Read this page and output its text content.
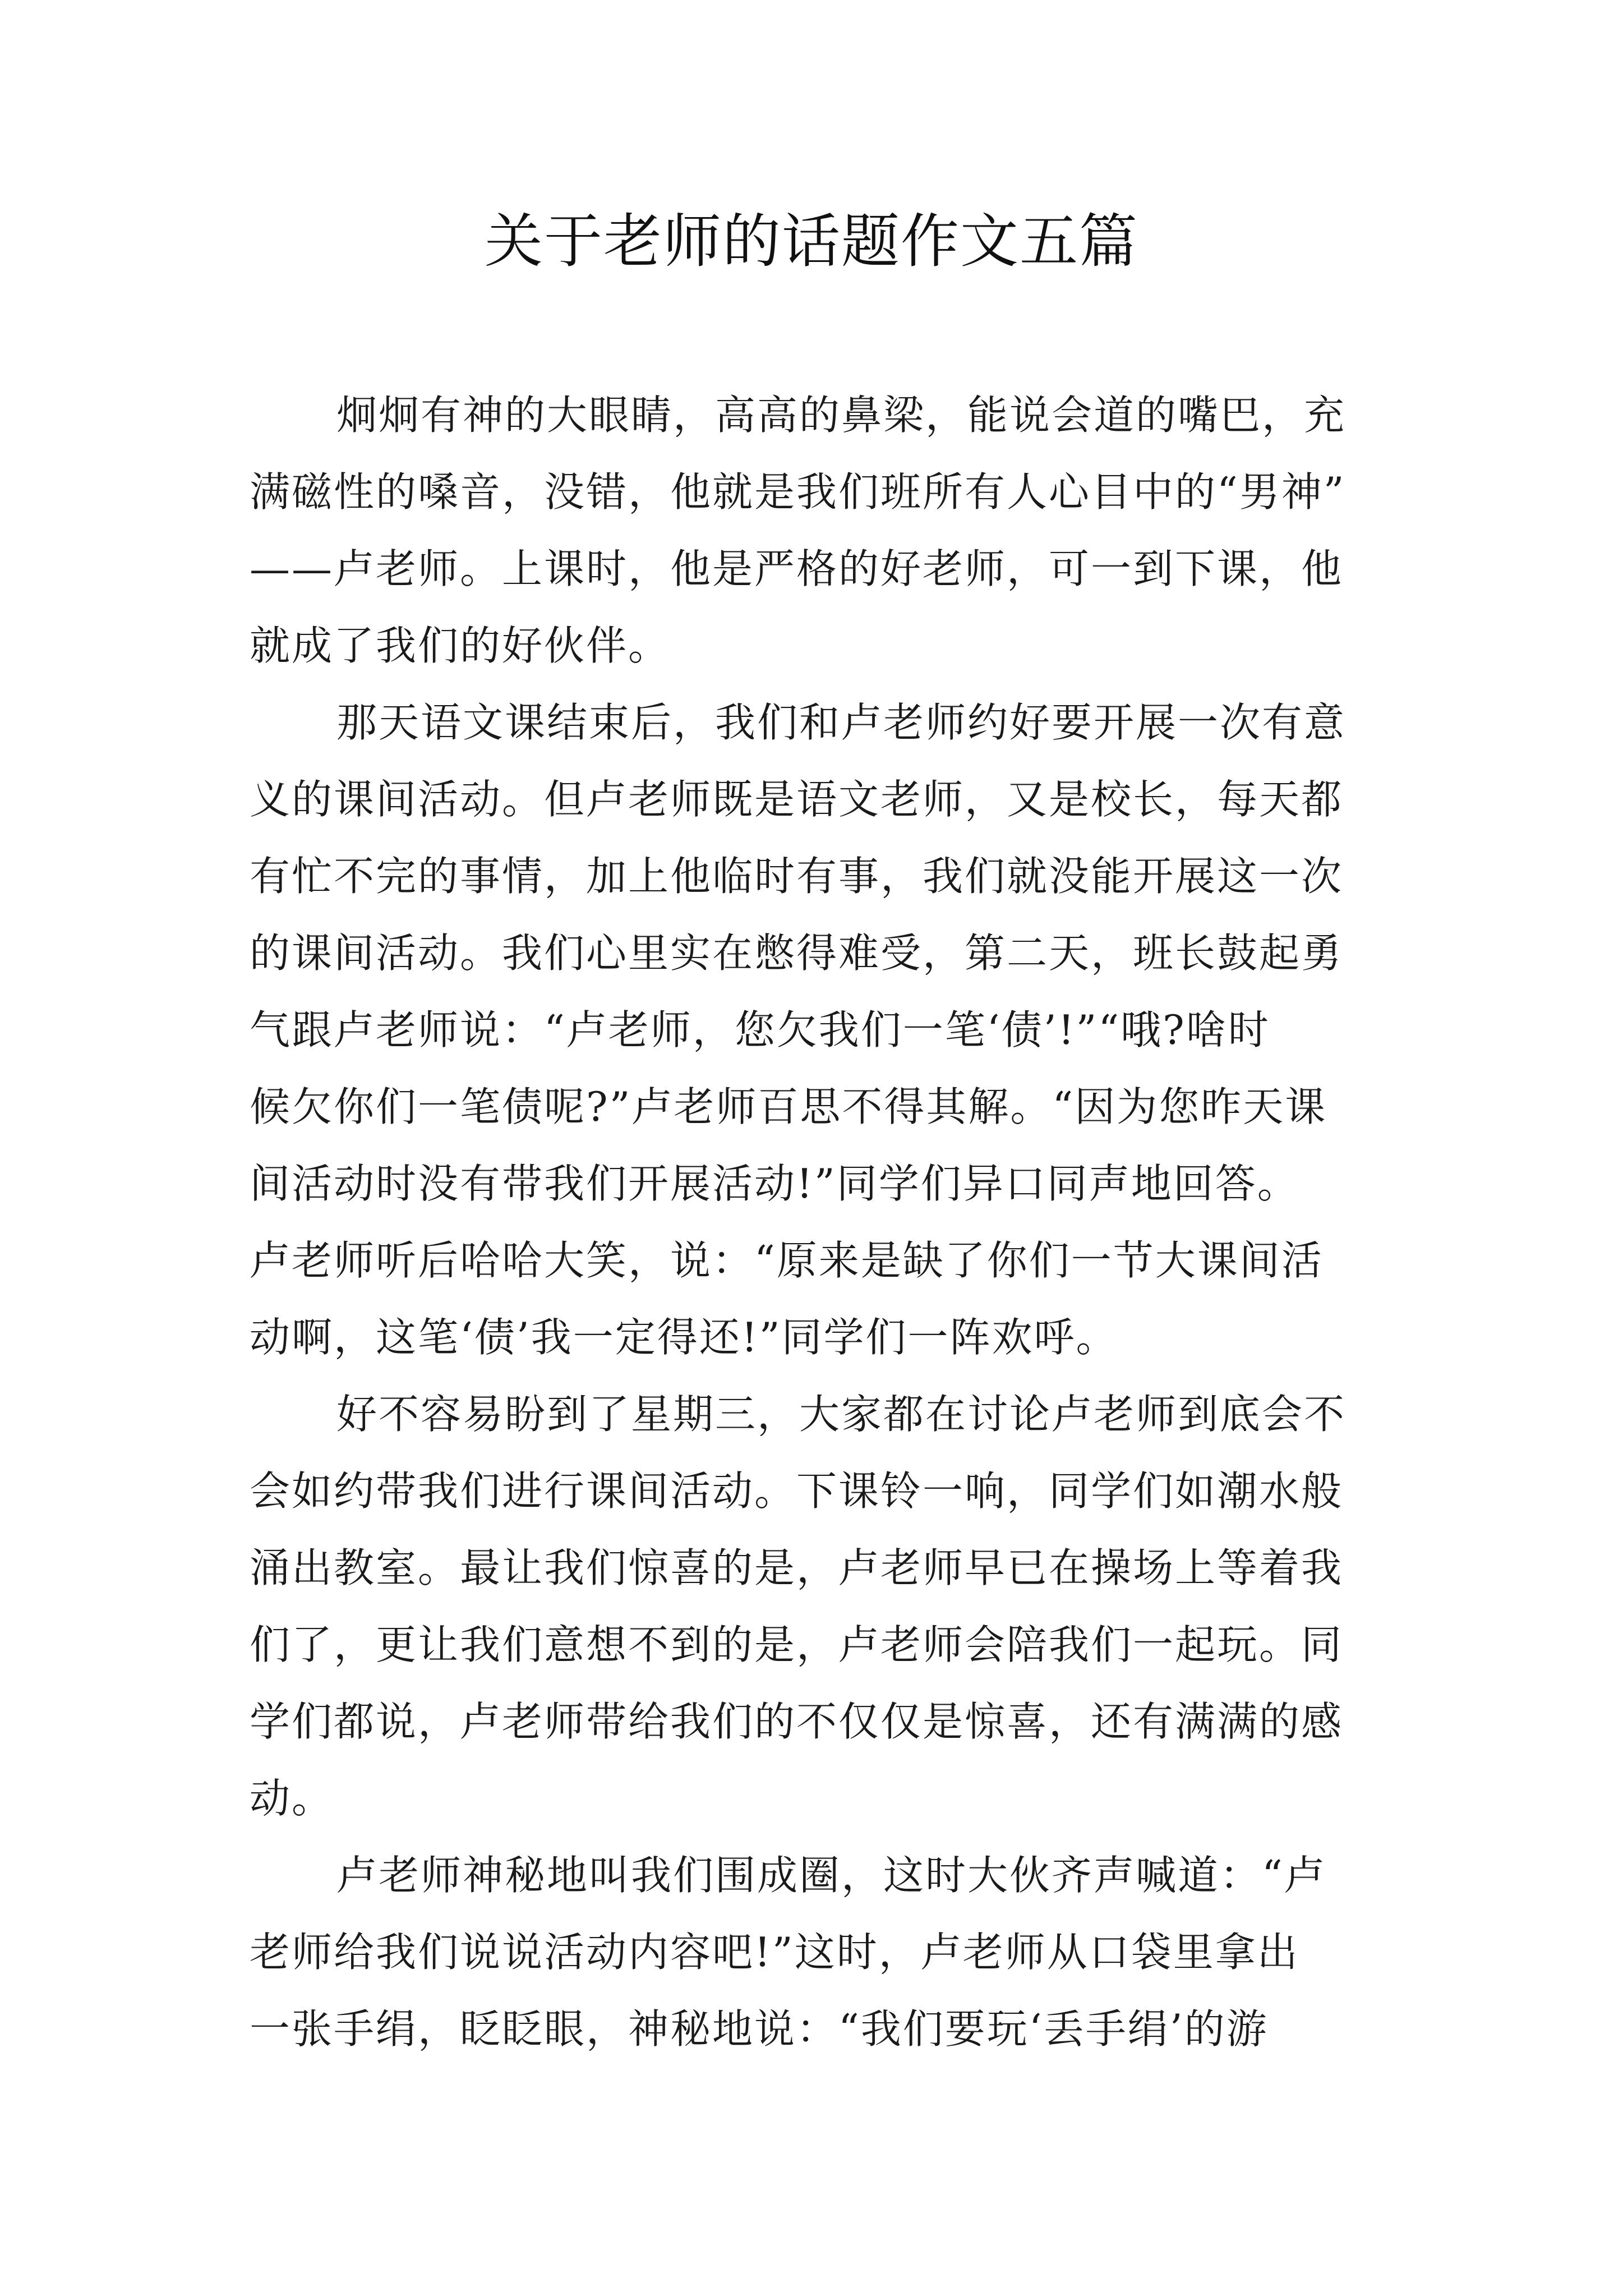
关于老师的话题作文五篇
炯炯有神的大眼睛，高高的鼻梁，能说会道的嘴巴，充
满磁性的嗓音，没错，他就是我们班所有人心目中的“男神”
——卢老师。上课时，他是严格的好老师，可一到下课，他
就成了我们的好伙伴。
那天语文课结束后，我们和卢老师约好要开展一次有意
义的课间活动。但卢老师既是语文老师，又是校长，每天都
有忙不完的事情，加上他临时有事，我们就没能开展这一次
的课间活动。我们心里实在憋得难受，第二天，班长鼓起勇
气跟卢老师说：“卢老师，您欠我们一笔‘债’!”“哦?啥时
候欠你们一笔债呢?”卢老师百思不得其解。“因为您昨天课
间活动时没有带我们开展活动!”同学们异口同声地回答。
卢老师听后哈哈大笑，说：“原来是缺了你们一节大课间活
动啊，这笔‘债’我一定得还!”同学们一阵欢呼。
好不容易盼到了星期三，大家都在讨论卢老师到底会不
会如约带我们进行课间活动。下课铃一响，同学们如潮水般
涌出教室。最让我们惊喜的是，卢老师早已在操场上等着我
们了，更让我们意想不到的是，卢老师会陪我们一起玩。同
学们都说，卢老师带给我们的不仅仅是惊喜，还有满满的感
动。
卢老师神秘地叫我们围成圈，这时大伙齐声喊道：“卢
老师给我们说说活动内容吧!”这时，卢老师从口袋里拿出
一张手绢，眨眨眼，神秘地说：“我们要玩‘丢手绢’的游
